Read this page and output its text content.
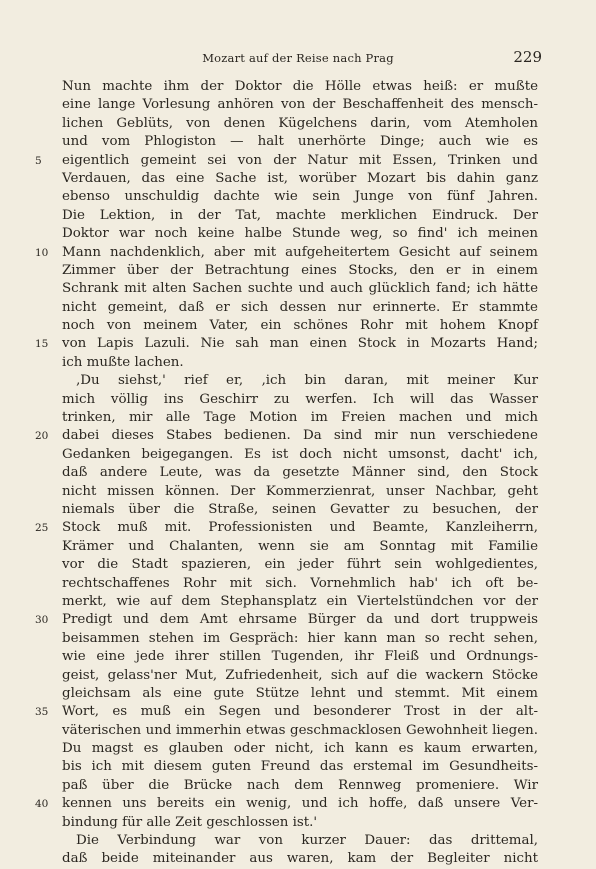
Mozart auf der Reise nach Prag	229
Nun machte ihm der Doktor die Hölle etwas heiß: er mußte
eine lange Vorlesung anhören von der Beschaffenheit des mensch-
lichen Geblüts, von denen Kügelchens darin, vom Atemholen
und vom Phlogiston — halt unerhörte Dinge; auch wie es
eigentlich gemeint sei von der Natur mit Essen, Trinken und
5
Verdauen, das eine Sache ist, worüber Mozart bis dahin ganz
ebenso unschuldig dachte wie sein Junge von fünf Jahren.
Die Lektion, in der Tat, machte merklichen Eindruck. Der
Doktor war noch keine halbe Stunde weg, so find' ich meinen
Mann nachdenklich, aber mit aufgeheitertem Gesicht auf seinem
10
Zimmer über der Betrachtung eines Stocks, den er in einem
Schrank mit alten Sachen suchte und auch glücklich fand; ich hätte
nicht gemeint, daß er sich dessen nur erinnerte. Er stammte
noch von meinem Vater, ein schönes Rohr mit hohem Knopf
von Lapis Lazuli. Nie sah man einen Stock in Mozarts Hand;
15
ich mußte lachen.
‚Du siehst,' rief er, ‚ich bin daran, mit meiner Kur
mich völlig ins Geschirr zu werfen. Ich will das Wasser
trinken, mir alle Tage Motion im Freien machen und mich
dabei dieses Stabes bedienen. Da sind mir nun verschiedene
20
Gedanken beigegangen. Es ist doch nicht umsonst, dacht' ich,
daß andere Leute, was da gesetzte Männer sind, den Stock
nicht missen können. Der Kommerzienrat, unser Nachbar, geht
niemals über die Straße, seinen Gevatter zu besuchen, der
Stock muß mit. Professionisten und Beamte, Kanzleiherrn,
25
Krämer und Chalanten, wenn sie am Sonntag mit Familie
vor die Stadt spazieren, ein jeder führt sein wohlgedientes,
rechtschaffenes Rohr mit sich. Vornehmlich hab' ich oft be-
merkt, wie auf dem Stephansplatz ein Viertelstündchen vor der
Predigt und dem Amt ehrsame Bürger da und dort truppweis
30
beisammen stehen im Gespräch: hier kann man so recht sehen,
wie eine jede ihrer stillen Tugenden, ihr Fleiß und Ordnungs-
geist, gelass'ner Mut, Zufriedenheit, sich auf die wackern Stöcke
gleichsam als eine gute Stütze lehnt und stemmt. Mit einem
Wort, es muß ein Segen und besonderer Trost in der alt-
35
väterischen und immerhin etwas geschmacklosen Gewohnheit liegen.
Du magst es glauben oder nicht, ich kann es kaum erwarten,
bis ich mit diesem guten Freund das erstemal im Gesundheits-
paß über die Brücke nach dem Rennweg promeniere. Wir
kennen uns bereits ein wenig, und ich hoffe, daß unsere Ver-
40
bindung für alle Zeit geschlossen ist.'
Die Verbindung war von kurzer Dauer: das drittemal,
daß beide miteinander aus waren, kam der Begleiter nicht
